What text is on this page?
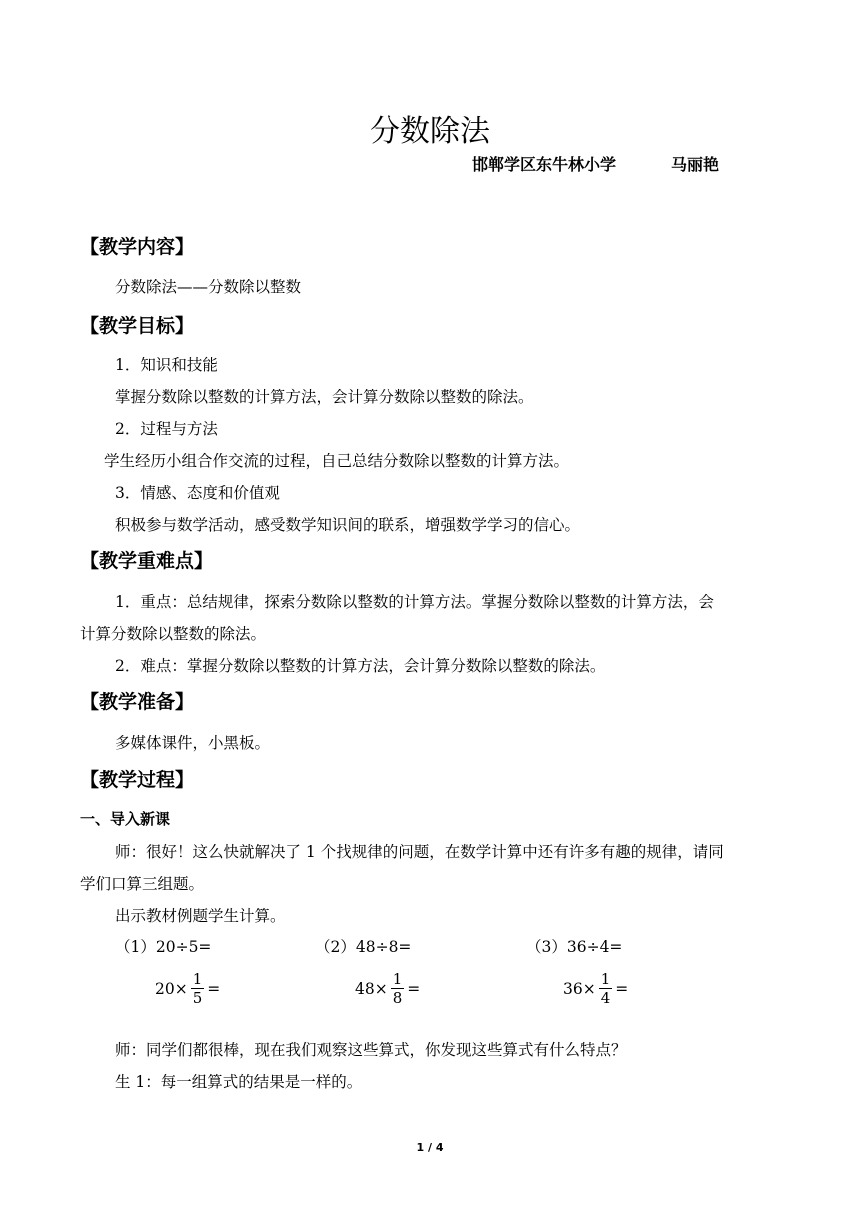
分数除法
邯郸学区东牛林小学	马丽艳
【教学内容】
分数除法——分数除以整数
【教学目标】
1．知识和技能
掌握分数除以整数的计算方法，会计算分数除以整数的除法。
2．过程与方法
学生经历小组合作交流的过程，自己总结分数除以整数的计算方法。
3．情感、态度和价值观
积极参与数学活动，感受数学知识间的联系，增强数学学习的信心。
【教学重难点】
1．重点：总结规律，探索分数除以整数的计算方法。掌握分数除以整数的计算方法，会
计算分数除以整数的除法。
2．难点：掌握分数除以整数的计算方法，会计算分数除以整数的除法。
【教学准备】
多媒体课件，小黑板。
【教学过程】
一、导入新课
师：很好！这么快就解决了 1 个找规律的问题，在数学计算中还有许多有趣的规律，请同
学们口算三组题。
出示教材例题学生计算。
（1）20÷5=	（2）48÷8=	（3）36÷4=
$20\times \frac{1}{5}$ =	$48\times \frac{1}{8}$ =	$36\times \frac{1}{4}$ =
师：同学们都很棒，现在我们观察这些算式，你发现这些算式有什么特点？
生 1：每一组算式的结果是一样的。
1 / 4
